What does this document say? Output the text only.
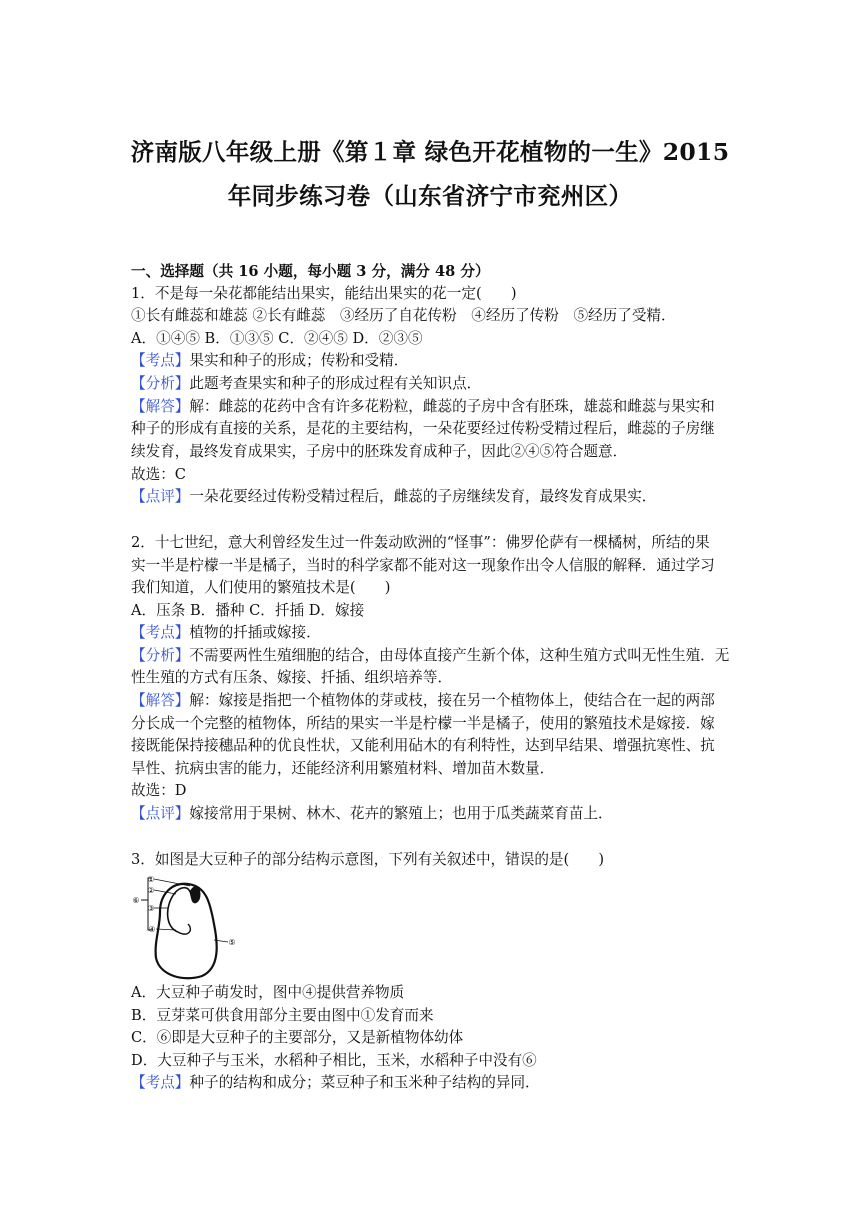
济南版八年级上册《第１章 绿色开花植物的一生》2015
年同步练习卷（山东省济宁市兖州区）
一、选择题（共 16 小题，每小题 3 分，满分 48 分）
1．不是每一朵花都能结出果实，能结出果实的花一定(　　)
①长有雌蕊和雄蕊 ②长有雌蕊　③经历了自花传粉　④经历了传粉　⑤经历了受精．
A．①④⑤ B．①③⑤ C．②④⑤ D．②③⑤
【考点】果实和种子的形成；传粉和受精．
【分析】此题考查果实和种子的形成过程有关知识点．
【解答】解：雌蕊的花药中含有许多花粉粒，雌蕊的子房中含有胚珠，雄蕊和雌蕊与果实和
种子的形成有直接的关系，是花的主要结构，一朵花要经过传粉受精过程后，雌蕊的子房继
续发育，最终发育成果实，子房中的胚珠发育成种子，因此②④⑤符合题意．
故选：C
【点评】一朵花要经过传粉受精过程后，雌蕊的子房继续发育，最终发育成果实．
2．十七世纪，意大利曾经发生过一件轰动欧洲的“怪事”：佛罗伦萨有一棵橘树，所结的果
实一半是柠檬一半是橘子，当时的科学家都不能对这一现象作出令人信服的解释．通过学习
我们知道，人们使用的繁殖技术是(　　)
A．压条 B．播种 C．扦插 D．嫁接
【考点】植物的扦插或嫁接．
【分析】不需要两性生殖细胞的结合，由母体直接产生新个体，这种生殖方式叫无性生殖．无
性生殖的方式有压条、嫁接、扦插、组织培养等．
【解答】解：嫁接是指把一个植物体的芽或枝，接在另一个植物体上，使结合在一起的两部
分长成一个完整的植物体，所结的果实一半是柠檬一半是橘子，使用的繁殖技术是嫁接．嫁
接既能保持接穗品种的优良性状，又能利用砧木的有利特性，达到早结果、增强抗寒性、抗
旱性、抗病虫害的能力，还能经济利用繁殖材料、增加苗木数量．
故选：D
【点评】嫁接常用于果树、林木、花卉的繁殖上；也用于瓜类蔬菜育苗上．
3．如图是大豆种子的部分结构示意图，下列有关叙述中，错误的是(　　)
①
②
③
④
⑤
⑥
A．大豆种子萌发时，图中④提供营养物质
B．豆芽菜可供食用部分主要由图中①发育而来
C．⑥即是大豆种子的主要部分，又是新植物体幼体
D．大豆种子与玉米，水稻种子相比，玉米，水稻种子中没有⑥
【考点】种子的结构和成分；菜豆种子和玉米种子结构的异同．
